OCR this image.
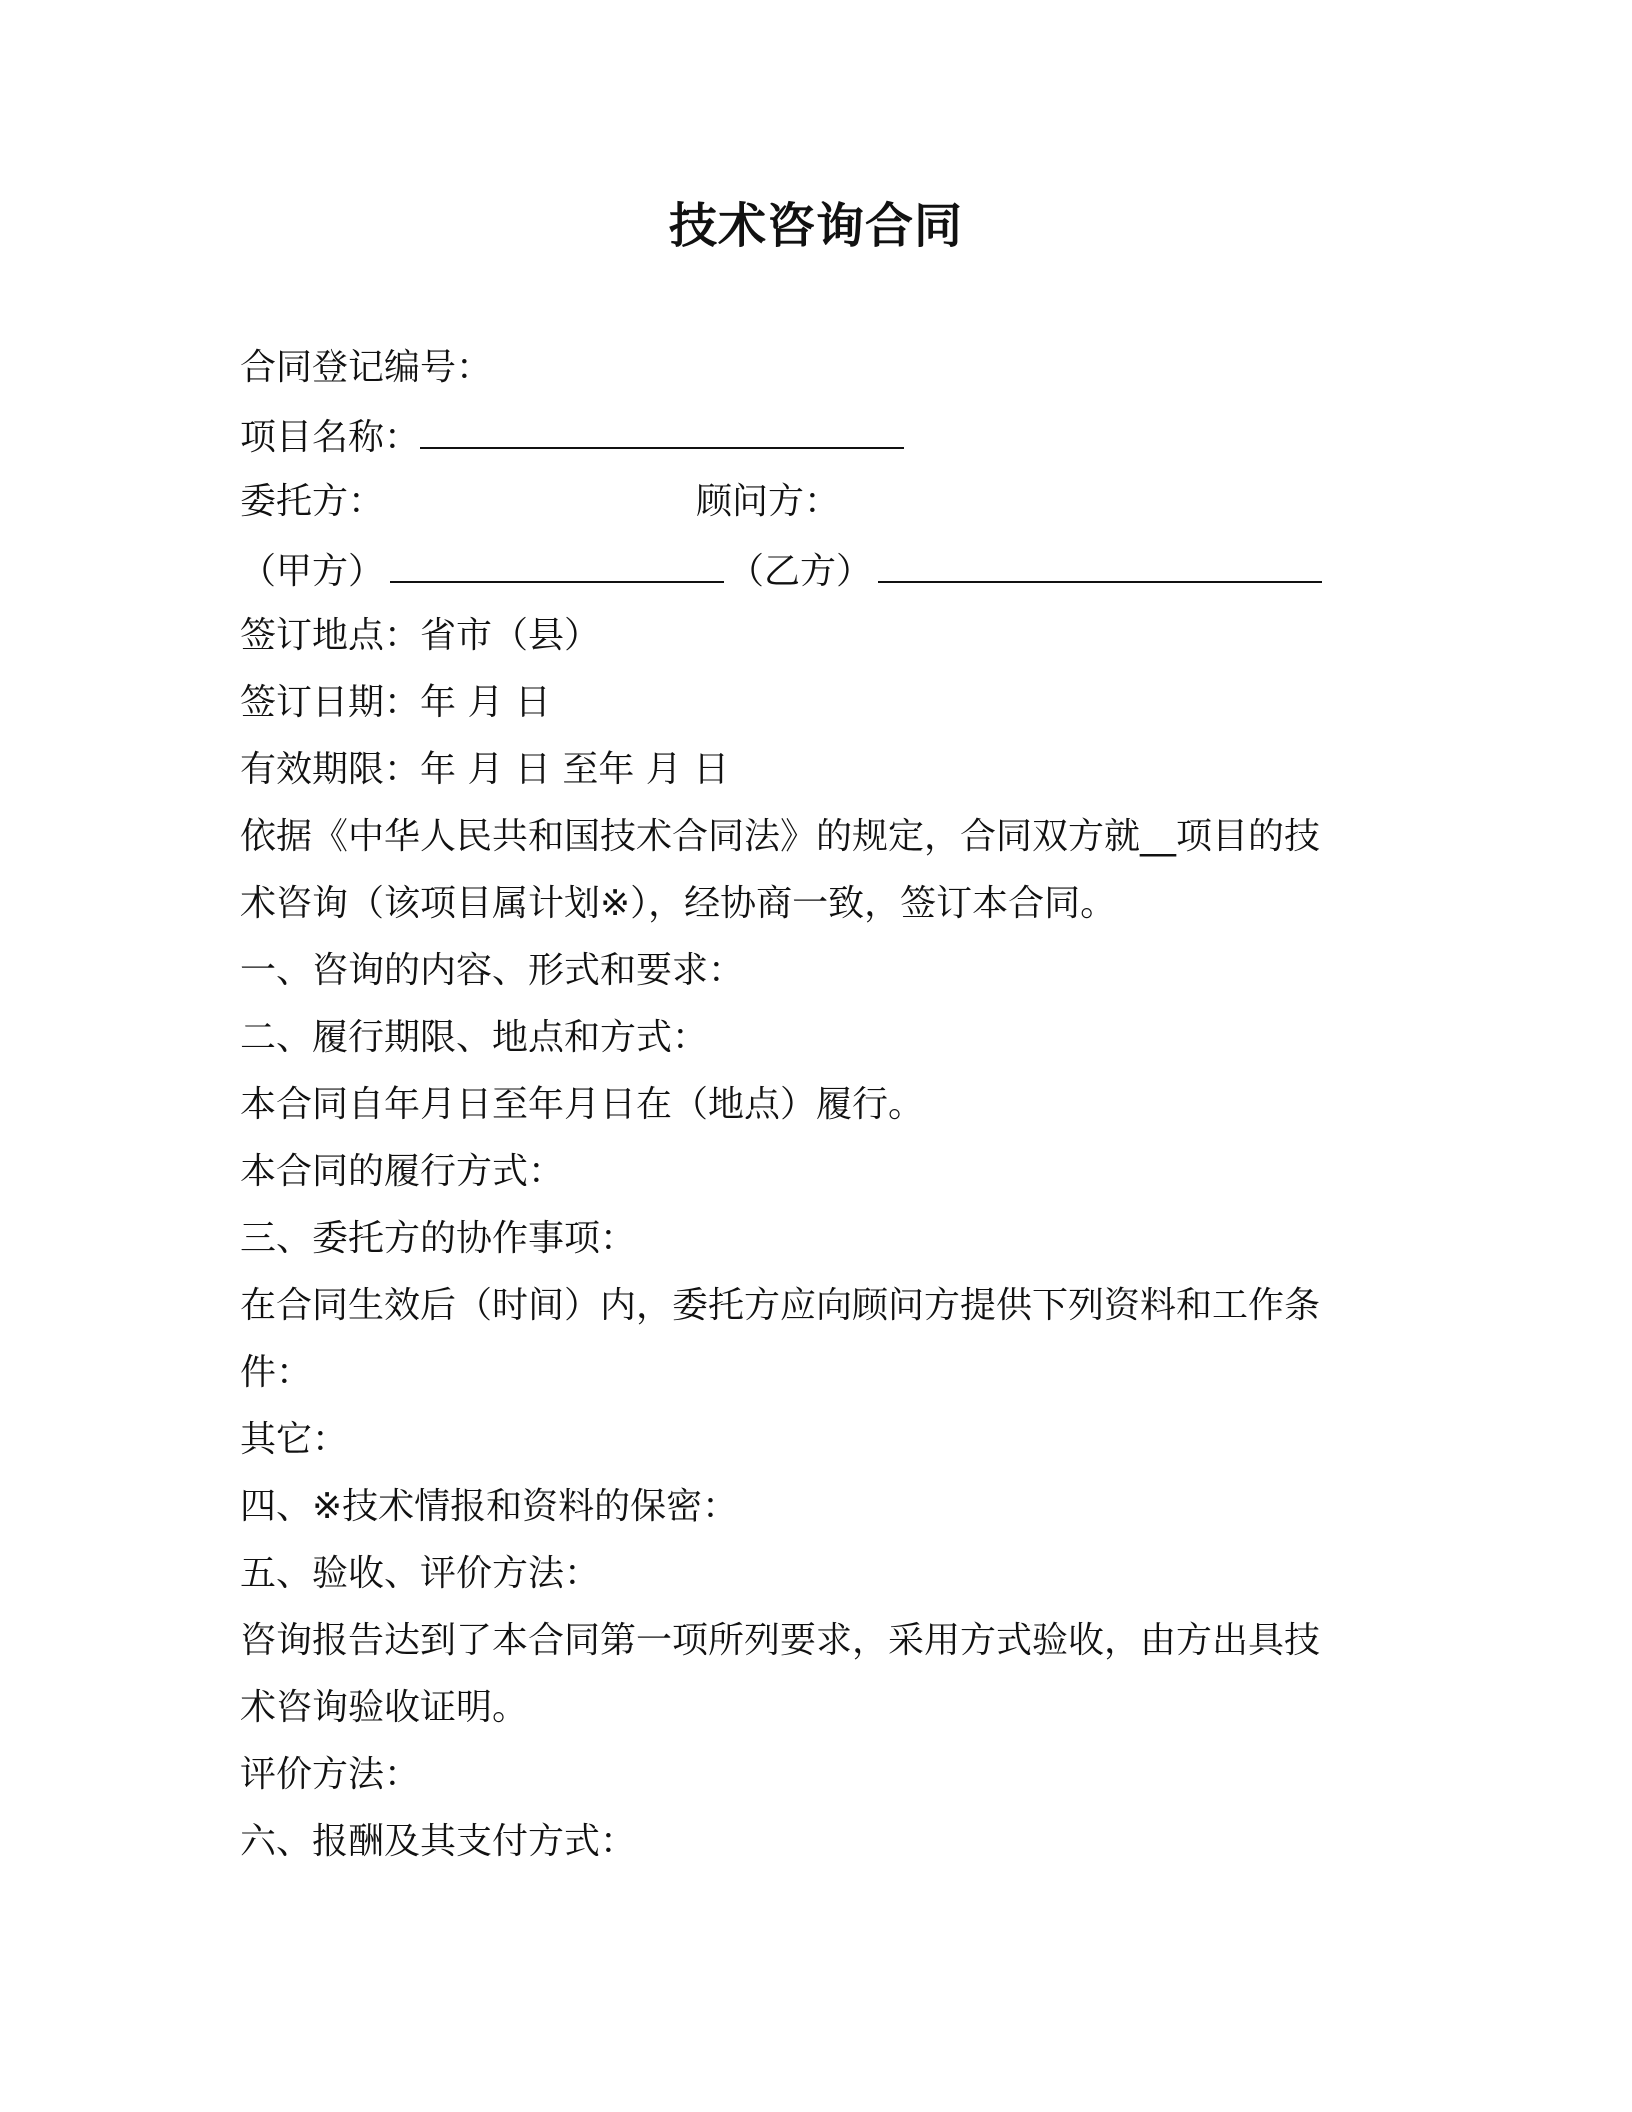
技术咨询合同
合同登记编号：
项目名称：
委托方：	顾问方：
（甲方）	（乙方）
签订地点：省市（县）
签订日期：年 月 日
有效期限：年 月 日 至年 月 日
依据《中华人民共和国技术合同法》的规定，合同双方就__项目的技
术咨询（该项目属计划※），经协商一致，签订本合同。
一、咨询的内容、形式和要求：
二、履行期限、地点和方式：
本合同自年月日至年月日在（地点）履行。
本合同的履行方式：
三、委托方的协作事项：
在合同生效后（时间）内，委托方应向顾问方提供下列资料和工作条
件：
其它：
四、※技术情报和资料的保密：
五、验收、评价方法：
咨询报告达到了本合同第一项所列要求，采用方式验收，由方出具技
术咨询验收证明。
评价方法：
六、报酬及其支付方式：
